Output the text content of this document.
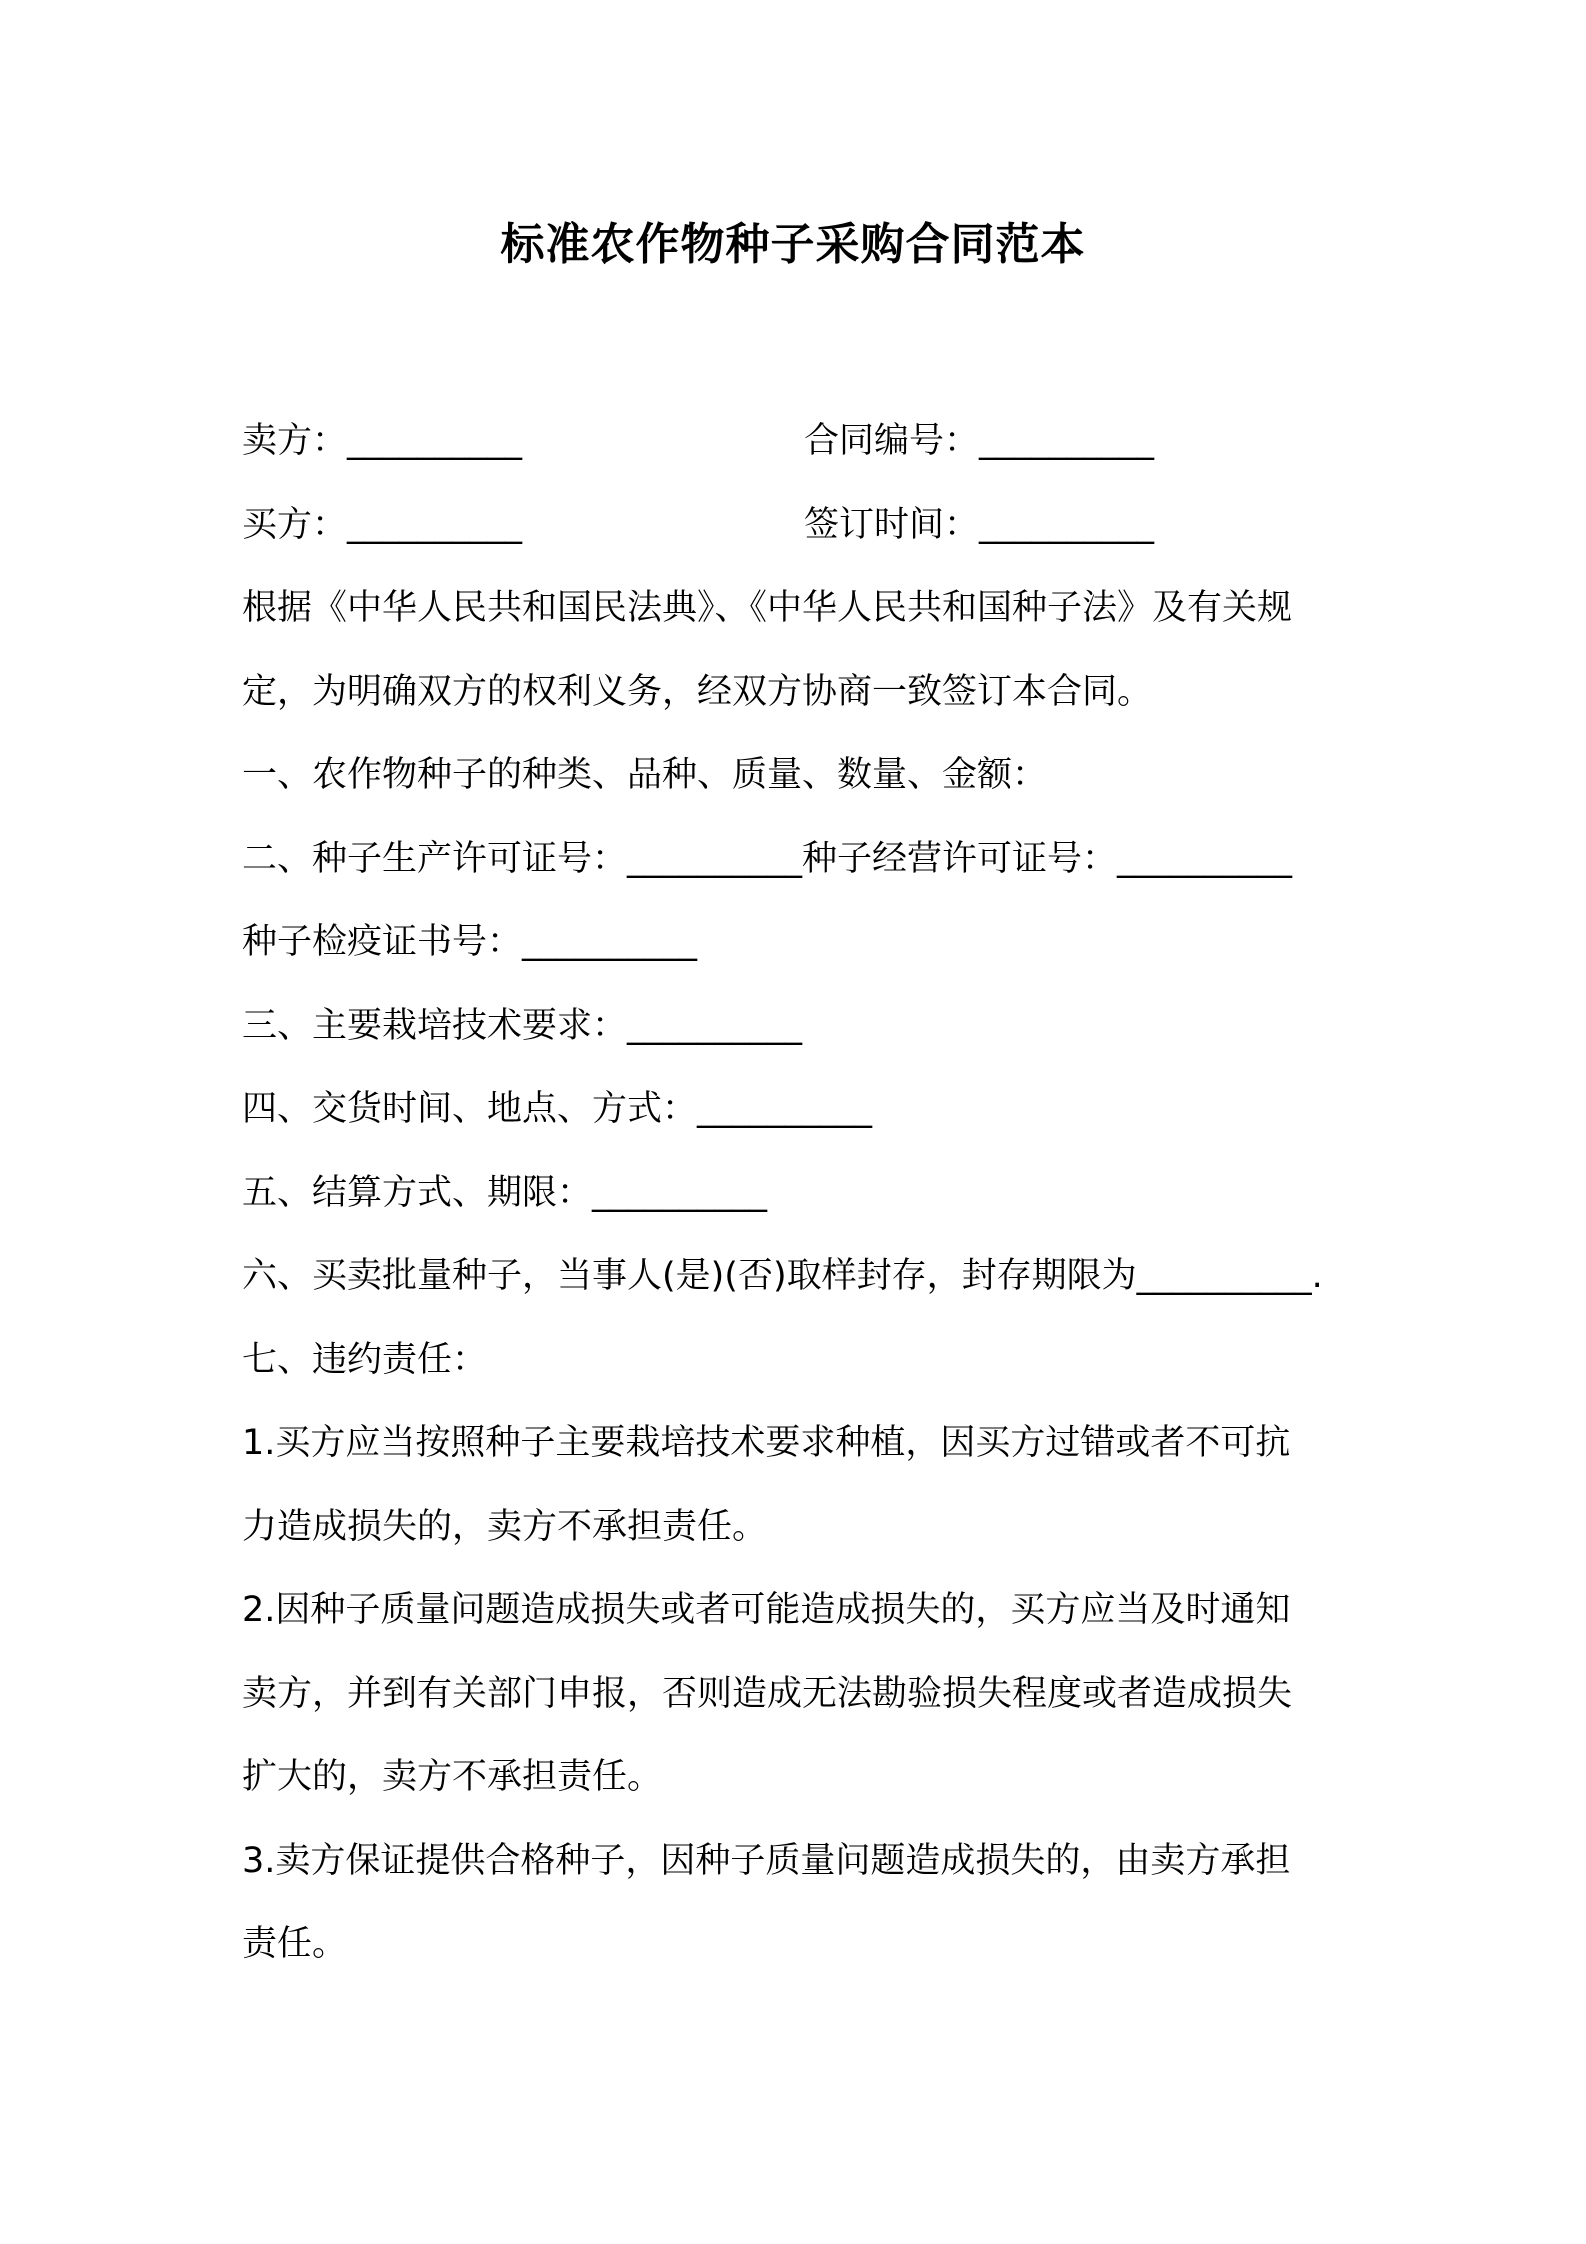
标准农作物种子采购合同范本
卖方：__________	合同编号：__________
买方：__________	签订时间：__________
根据《中华人民共和国民法典》、《中华人民共和国种子法》及有关规
定，为明确双方的权利义务，经双方协商一致签订本合同。
一、农作物种子的种类、品种、质量、数量、金额：
二、种子生产许可证号：__________种子经营许可证号：__________
种子检疫证书号：__________
三、主要栽培技术要求：__________
四、交货时间、地点、方式：__________
五、结算方式、期限：__________
六、买卖批量种子，当事人(是)(否)取样封存，封存期限为__________.
七、违约责任：
1.买方应当按照种子主要栽培技术要求种植，因买方过错或者不可抗
力造成损失的，卖方不承担责任。
2.因种子质量问题造成损失或者可能造成损失的，买方应当及时通知
卖方，并到有关部门申报，否则造成无法勘验损失程度或者造成损失
扩大的，卖方不承担责任。
3.卖方保证提供合格种子，因种子质量问题造成损失的，由卖方承担
责任。
